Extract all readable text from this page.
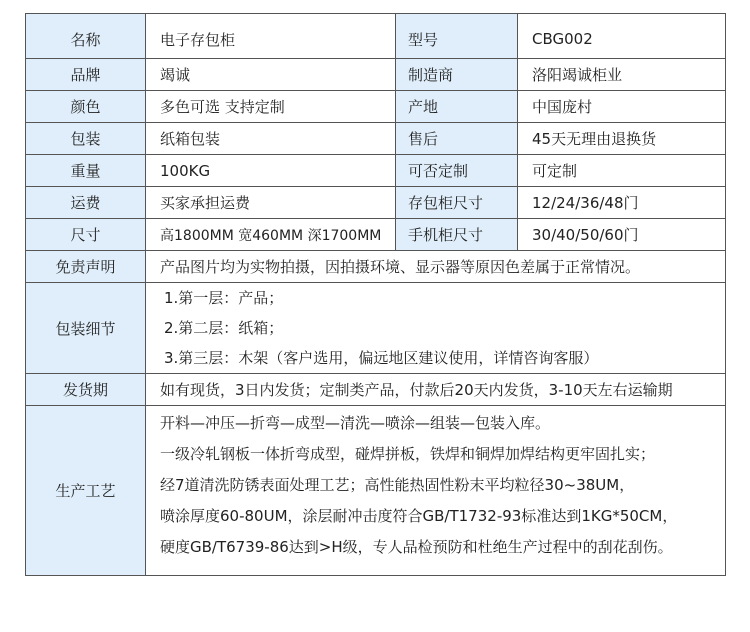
名称	电子存包柜	型号	CBG002
品牌	竭诚	制造商	洛阳竭诚柜业
颜色	多色可选 支持定制	产地	中国庞村
包装	纸箱包装	售后	45天无理由退换货
重量	100KG	可否定制	可定制
运费	买家承担运费	存包柜尺寸	12/24/36/48门
尺寸	高1800MM 宽460MM 深1700MM	手机柜尺寸	30/40/50/60门
免责声明	产品图片均为实物拍摄，因拍摄环境、显示器等原因色差属于正常情况。		
包装细节	1.第一层：产品；
2.第二层：纸箱；
3.第三层：木架（客户选用，偏远地区建议使用，详情咨询客服）		

发货期	如有现货，3日内发货；定制类产品，付款后20天内发货，3-10天左右运输期		
生产工艺	开料—冲压—折弯—成型—清洗—喷涂—组装—包装入库。
一级冷轧钢板一体折弯成型，碰焊拼板，铁焊和铜焊加焊结构更牢固扎实；
经7道清洗防锈表面处理工艺；高性能热固性粉末平均粒径30~38UM，
喷涂厚度60-80UM，涂层耐冲击度符合GB/T1732-93标准达到1KG*50CM，
硬度GB/T6739-86达到>H级，专人品检预防和杜绝生产过程中的刮花刮伤。		
